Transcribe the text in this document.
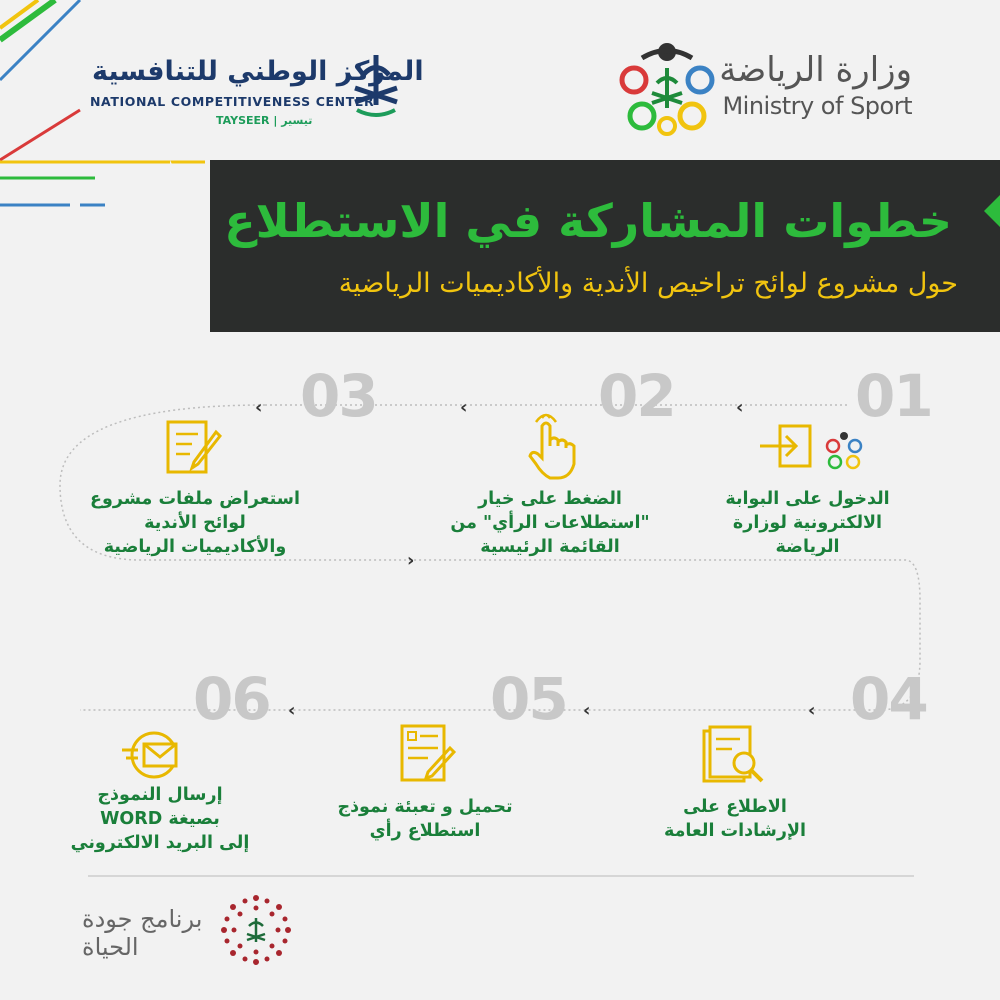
وزارة الرياضة
Ministry of Sport
المركز الوطني للتنافسية
NATIONAL COMPETITIVENESS CENTER
TAYSEER | تيسير
خطوات المشاركة في الاستطلاع
حول مشروع لوائح تراخيص الأندية والأكاديميات الرياضية
‹
‹
‹
›
‹
‹
‹
01
الدخول على البوابة
الالكترونية لوزارة
الرياضة
02
الضغط على خيار
"استطلاعات الرأي" من
القائمة الرئيسية
03
استعراض ملفات مشروع
لوائح الأندية
والأكاديميات الرياضية
04
الاطلاع على
الإرشادات العامة
05
تحميل و تعبئة نموذج
استطلاع رأي
06
إرسال النموذج
بصيغة WORD
إلى البريد الالكتروني
برنامج جودة
الحياة
